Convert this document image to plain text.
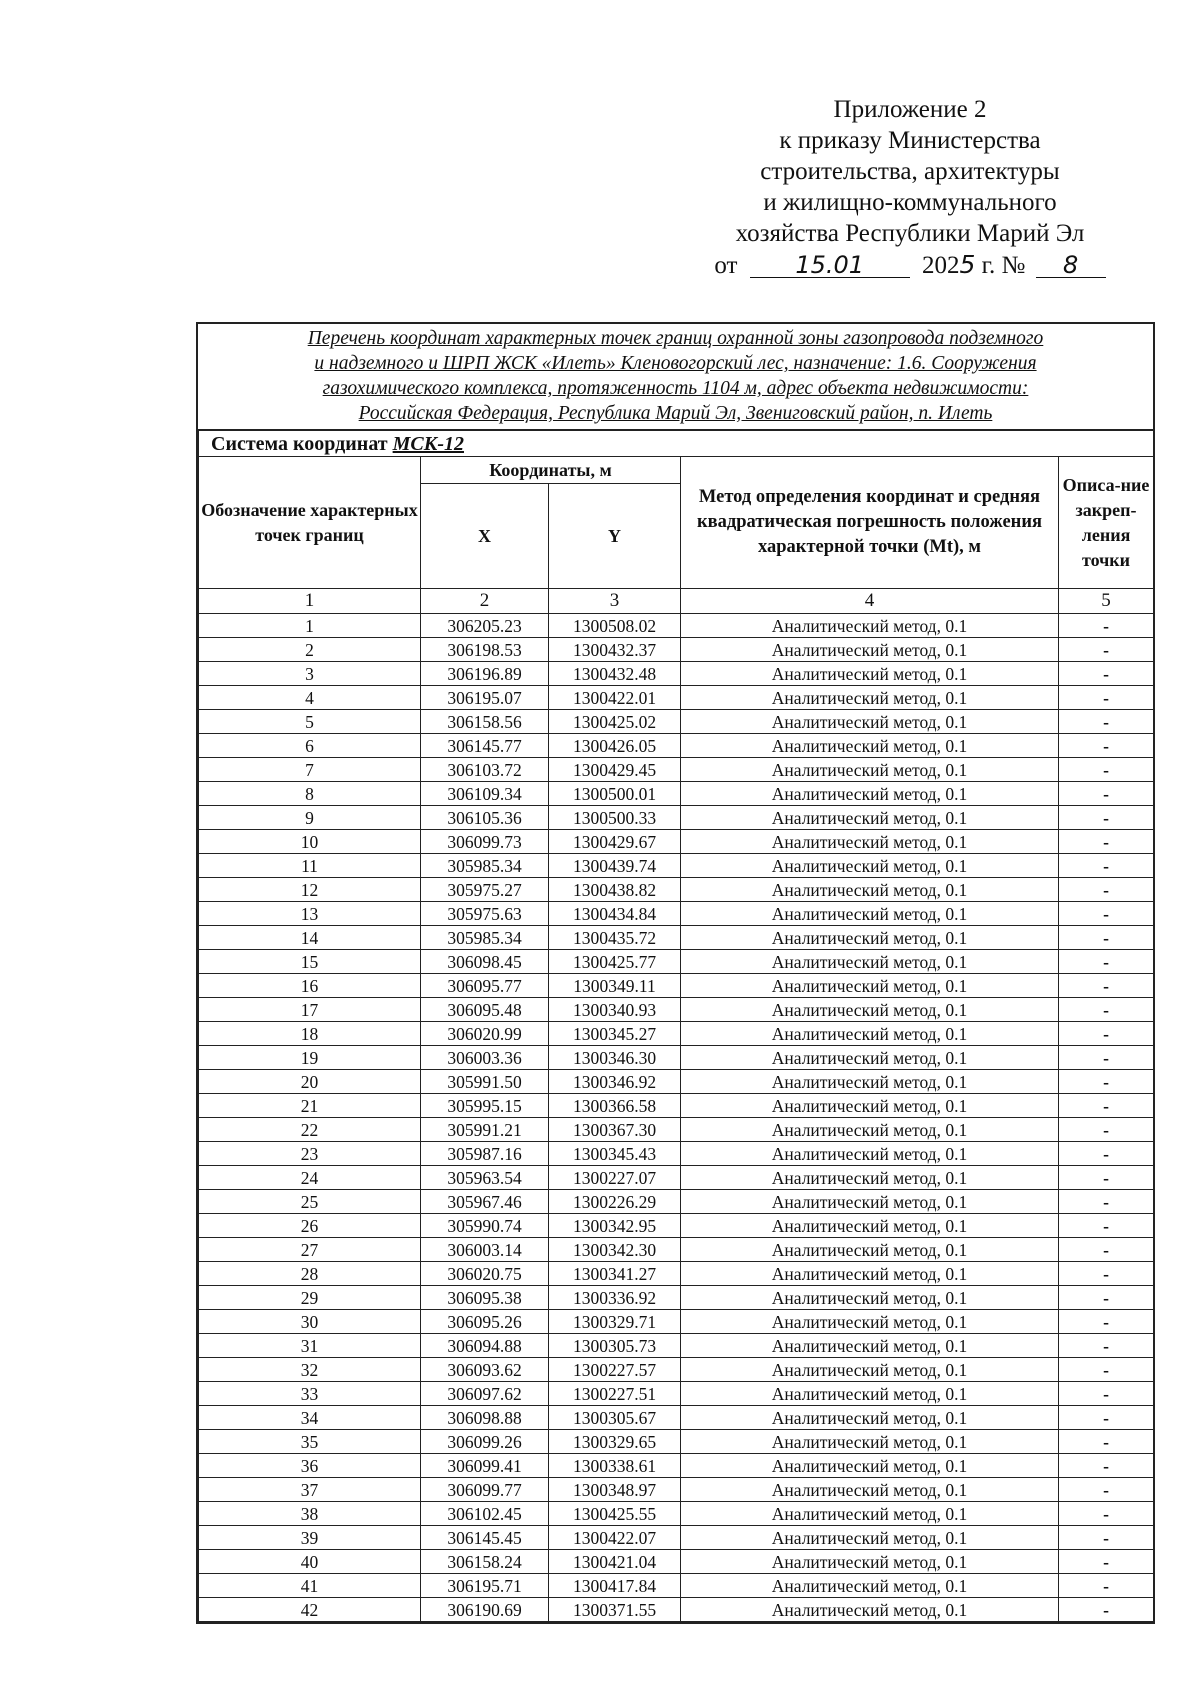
Приложение 2
к приказу Министерства
строительства, архитектуры
и жилищно-коммунального
хозяйства Республики Марий Эл
от 15.01 2025 г. № 8
Перечень координат характерных точек границ охранной зоны газопровода подземного
и надземного и ШРП ЖСК «Илеть» Кленовогорский лес, назначение: 1.6. Сооружения
газохимического комплекса, протяженность 1104 м, адрес объекта недвижимости:
Российская Федерация, Республика Марий Эл, Звениговский район, п. Илеть
Система координат МСК-12				
Обозначение характерных точек границ	Координаты, м		Метод определения координат и средняя квадратическая погрешность положения характерной точки (Mt), м	Описа-ние закреп-ления точки
	X	Y		
1	2	3	4	5
1	306205.23	1300508.02	Аналитический метод, 0.1	-
2	306198.53	1300432.37	Аналитический метод, 0.1	-
3	306196.89	1300432.48	Аналитический метод, 0.1	-
4	306195.07	1300422.01	Аналитический метод, 0.1	-
5	306158.56	1300425.02	Аналитический метод, 0.1	-
6	306145.77	1300426.05	Аналитический метод, 0.1	-
7	306103.72	1300429.45	Аналитический метод, 0.1	-
8	306109.34	1300500.01	Аналитический метод, 0.1	-
9	306105.36	1300500.33	Аналитический метод, 0.1	-
10	306099.73	1300429.67	Аналитический метод, 0.1	-
11	305985.34	1300439.74	Аналитический метод, 0.1	-
12	305975.27	1300438.82	Аналитический метод, 0.1	-
13	305975.63	1300434.84	Аналитический метод, 0.1	-
14	305985.34	1300435.72	Аналитический метод, 0.1	-
15	306098.45	1300425.77	Аналитический метод, 0.1	-
16	306095.77	1300349.11	Аналитический метод, 0.1	-
17	306095.48	1300340.93	Аналитический метод, 0.1	-
18	306020.99	1300345.27	Аналитический метод, 0.1	-
19	306003.36	1300346.30	Аналитический метод, 0.1	-
20	305991.50	1300346.92	Аналитический метод, 0.1	-
21	305995.15	1300366.58	Аналитический метод, 0.1	-
22	305991.21	1300367.30	Аналитический метод, 0.1	-
23	305987.16	1300345.43	Аналитический метод, 0.1	-
24	305963.54	1300227.07	Аналитический метод, 0.1	-
25	305967.46	1300226.29	Аналитический метод, 0.1	-
26	305990.74	1300342.95	Аналитический метод, 0.1	-
27	306003.14	1300342.30	Аналитический метод, 0.1	-
28	306020.75	1300341.27	Аналитический метод, 0.1	-
29	306095.38	1300336.92	Аналитический метод, 0.1	-
30	306095.26	1300329.71	Аналитический метод, 0.1	-
31	306094.88	1300305.73	Аналитический метод, 0.1	-
32	306093.62	1300227.57	Аналитический метод, 0.1	-
33	306097.62	1300227.51	Аналитический метод, 0.1	-
34	306098.88	1300305.67	Аналитический метод, 0.1	-
35	306099.26	1300329.65	Аналитический метод, 0.1	-
36	306099.41	1300338.61	Аналитический метод, 0.1	-
37	306099.77	1300348.97	Аналитический метод, 0.1	-
38	306102.45	1300425.55	Аналитический метод, 0.1	-
39	306145.45	1300422.07	Аналитический метод, 0.1	-
40	306158.24	1300421.04	Аналитический метод, 0.1	-
41	306195.71	1300417.84	Аналитический метод, 0.1	-
42	306190.69	1300371.55	Аналитический метод, 0.1	-
